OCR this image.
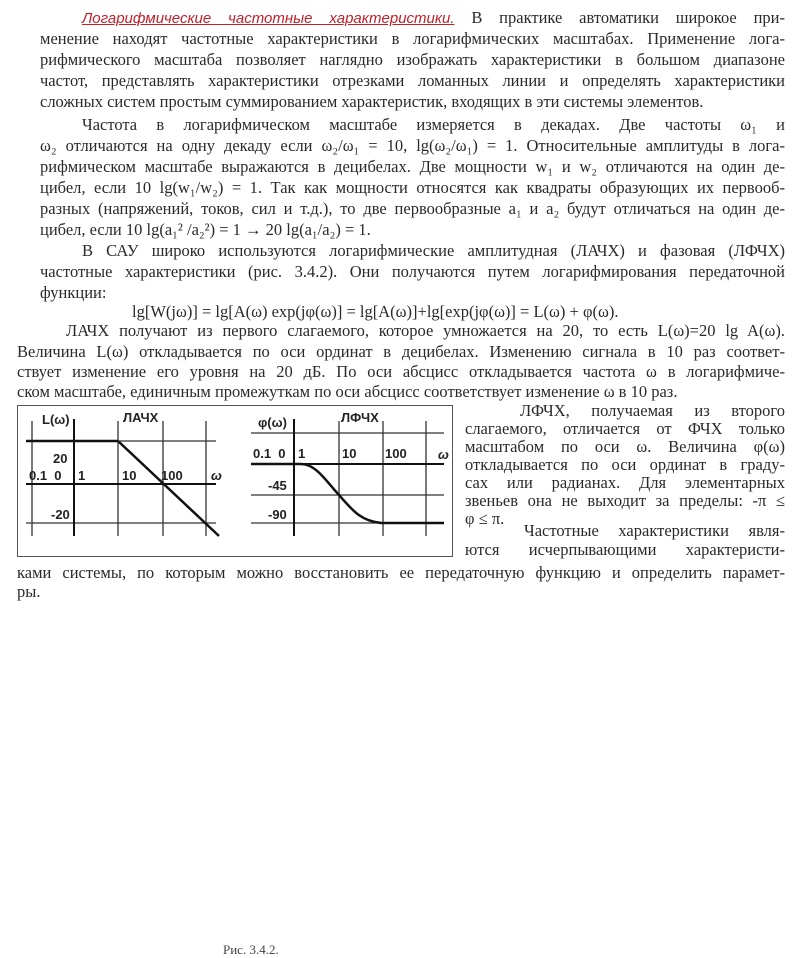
Логарифмические частотные характеристики. В практике автоматики широкое при-
менение находят частотные характеристики в логарифмических масштабах. Применение лога-
рифмического масштаба позволяет наглядно изображать характеристики в большом диапазоне
частот, представлять характеристики отрезками ломанных линии и определять характеристики
сложных систем простым суммированием характеристик, входящих в эти системы элементов.
Частота в логарифмическом масштабе измеряется в декадах. Две частоты ω₁ и
ω₂ отличаются на одну декаду если ω₂/ω₁ = 10, lg(ω₂/ω₁) = 1. Относительные амплитуды в лога-
рифмическом масштабе выражаются в децибелах. Две мощности w₁ и w₂ отличаются на один де-
цибел, если 10 lg(w₁/w₂) = 1. Так как мощности относятся как квадраты образующих их первооб-
разных (напряжений, токов, сил и т.д.), то две первообразные a₁ и a₂ будут отличаться на один де-
цибел, если 10 lg(a₁² /a₂²) = 1 → 20 lg(a₁/a₂) = 1.
В САУ широко используются логарифмические амплитудная (ЛАЧХ) и фазовая (ЛФЧХ)
частотные характеристики (рис. 3.4.2). Они получаются путем логарифмирования передаточной
функции:
lg[W(jω)] = lg[A(ω) exp(jφ(ω)] = lg[A(ω)]+lg[exp(jφ(ω)] = L(ω) + φ(ω).
ЛАЧХ получают из первого слагаемого, которое умножается на 20, то есть L(ω)=20 lg A(ω).
Величина L(ω) откладывается по оси ординат в децибелах. Изменению сигнала в 10 раз соответ-
ствует изменение его уровня на 20 дБ. По оси абсцисс откладывается частота ω в логарифмиче-
ском масштабе, единичным промежуткам по оси абсцисс соответствует изменение ω в 10 раз.
L(ω)	ЛАЧХ
20
0.1  0 1	10 100 ω
-20
φ(ω)	ЛФЧХ
0.1  0 1	10 100 ω
-45
-90
Рис. 3.4.2.
ЛФЧХ, получаемая из второго
слагаемого, отличается от ФЧХ только
масштабом по оси ω. Величина φ(ω)
откладывается по оси ординат в граду-
сах или радианах. Для элементарных
звеньев она не выходит за пределы: -π ≤
φ ≤ π.
Частотные характеристики явля-
ются исчерпывающими характеристи-
ками системы, по которым можно восстановить ее передаточную функцию и определить парамет-
ры.
